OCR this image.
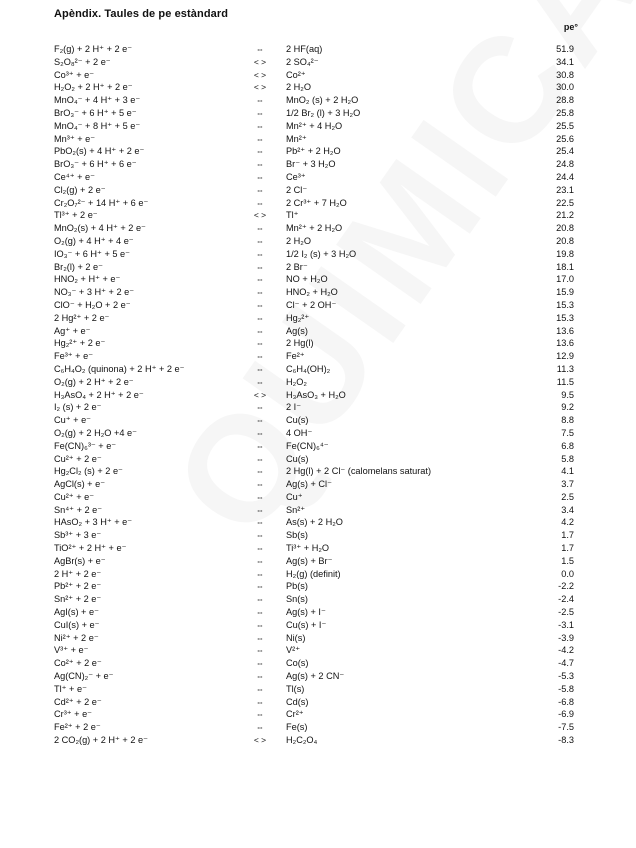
Apèndix. Taules de pe estàndard
pe°
F₂(g) + 2 H⁺ + 2 e⁻	⇔	2 HF(aq)	51.9
S₂O₈²⁻ + 2 e⁻	< >	2 SO₄²⁻	34.1
Co³⁺ + e⁻	< >	Co²⁺	30.8
H₂O₂ + 2 H⁺ + 2 e⁻	< >	2 H₂O	30.0
MnO₄⁻ + 4 H⁺ + 3 e⁻	⇔	MnO₂ (s) + 2 H₂O	28.8
BrO₃⁻ + 6 H⁺ + 5 e⁻	⇔	1/2 Br₂ (l) + 3 H₂O	25.8
MnO₄⁻ + 8 H⁺ + 5 e⁻	⇔	Mn²⁺ + 4 H₂O	25.5
Mn³⁺ + e⁻	⇔	Mn²⁺	25.6
PbO₂(s) + 4 H⁺ + 2 e⁻	⇔	Pb²⁺ + 2 H₂O	25.4
BrO₃⁻ + 6 H⁺ + 6 e⁻	⇔	Br⁻ + 3 H₂O	24.8
Ce⁴⁺ + e⁻	⇔	Ce³⁺	24.4
Cl₂(g) + 2 e⁻	⇔	2 Cl⁻	23.1
Cr₂O₇²⁻ + 14 H⁺ + 6 e⁻	⇔	2 Cr³⁺ + 7 H₂O	22.5
Tl³⁺ + 2 e⁻	< >	Tl⁺	21.2
MnO₂(s) + 4 H⁺ + 2 e⁻	⇔	Mn²⁺ + 2 H₂O	20.8
O₂(g) + 4 H⁺ + 4 e⁻	⇔	2 H₂O	20.8
IO₃⁻ + 6 H⁺ + 5 e⁻	⇔	1/2 I₂ (s) + 3 H₂O	19.8
Br₂(l) + 2 e⁻	⇔	2 Br⁻	18.1
HNO₂ + H⁺ + e⁻	⇔	NO + H₂O	17.0
NO₃⁻ + 3 H⁺ + 2 e⁻	⇔	HNO₂ + H₂O	15.9
ClO⁻ + H₂O + 2 e⁻	⇔	Cl⁻ + 2 OH⁻	15.3
2 Hg²⁺ + 2 e⁻	⇔	Hg₂²⁺	15.3
Ag⁺ + e⁻	⇔	Ag(s)	13.6
Hg₂²⁺ + 2 e⁻	⇔	2 Hg(l)	13.6
Fe³⁺ + e⁻	⇔	Fe²⁺	12.9
C₆H₄O₂ (quinona) + 2 H⁺ + 2 e⁻	⇔	C₆H₄(OH)₂	11.3
O₂(g) + 2 H⁺ + 2 e⁻	⇔	H₂O₂	11.5
H₃AsO₄ + 2 H⁺ + 2 e⁻	< >	H₃AsO₃ + H₂O	9.5
I₂ (s) + 2 e⁻	⇔	2 I⁻	9.2
Cu⁺ + e⁻	⇔	Cu(s)	8.8
O₂(g) + 2 H₂O +4 e⁻	⇔	4 OH⁻	7.5
Fe(CN)₆³⁻ + e⁻	⇔	Fe(CN)₆⁴⁻	6.8
Cu²⁺ + 2 e⁻	⇔	Cu(s)	5.8
Hg₂Cl₂ (s) + 2 e⁻	⇔	2 Hg(l) + 2 Cl⁻ (calomelans saturat)	4.1
AgCl(s) + e⁻	⇔	Ag(s) + Cl⁻	3.7
Cu²⁺ + e⁻	⇔	Cu⁺	2.5
Sn⁴⁺ + 2 e⁻	⇔	Sn²⁺	3.4
HAsO₂ + 3 H⁺ + e⁻	⇔	As(s) + 2 H₂O	4.2
Sb³⁺ + 3 e⁻	⇔	Sb(s)	1.7
TiO²⁺ + 2 H⁺ + e⁻	⇔	Ti³⁺ + H₂O	1.7
AgBr(s) + e⁻	⇔	Ag(s) + Br⁻	1.5
2 H⁺ + 2 e⁻	⇔	H₂(g) (definit)	0.0
Pb²⁺ + 2 e⁻	⇔	Pb(s)	-2.2
Sn²⁺ + 2 e⁻	⇔	Sn(s)	-2.4
AgI(s) + e⁻	⇔	Ag(s) + I⁻	-2.5
CuI(s) + e⁻	⇔	Cu(s) + I⁻	-3.1
Ni²⁺ + 2 e⁻	⇔	Ni(s)	-3.9
V³⁺ + e⁻	⇔	V²⁺	-4.2
Co²⁺ + 2 e⁻	⇔	Co(s)	-4.7
Ag(CN)₂⁻ + e⁻	⇔	Ag(s) + 2 CN⁻	-5.3
Tl⁺ + e⁻	⇔	Tl(s)	-5.8
Cd²⁺ + 2 e⁻	⇔	Cd(s)	-6.8
Cr³⁺ + e⁻	⇔	Cr²⁺	-6.9
Fe²⁺ + 2 e⁻	⇔	Fe(s)	-7.5
2 CO₂(g) + 2 H⁺ + 2 e⁻	< >	H₂C₂O₄	-8.3
